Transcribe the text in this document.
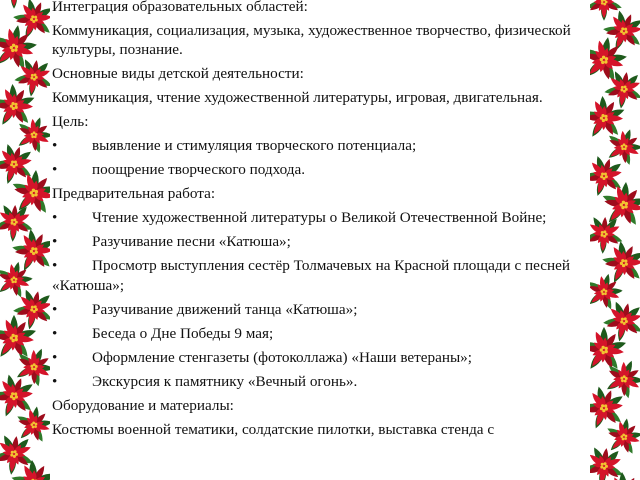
Интеграция образовательных областей:
Коммуникация, социализация, музыка, художественное творчество, физической культуры, познание.
Основные виды детской деятельности:
Коммуникация, чтение художественной литературы, игровая, двигательная.
Цель:
•	выявление и стимуляция творческого потенциала;
•	поощрение творческого подхода.
Предварительная работа:
• Чтение художественной литературы о Великой Отечественной Войне;
•	Разучивание песни «Катюша»;
• Просмотр выступления сестёр Толмачевых на Красной площади с песней «Катюша»;
•	Разучивание движений танца «Катюша»;
•	Беседа о Дне Победы 9 мая;
•	Оформление стенгазеты (фотоколлажа) «Наши ветераны»;
•	Экскурсия к памятнику «Вечный огонь».
Оборудование и материалы:
Костюмы военной тематики, солдатские пилотки, выставка стенда с
